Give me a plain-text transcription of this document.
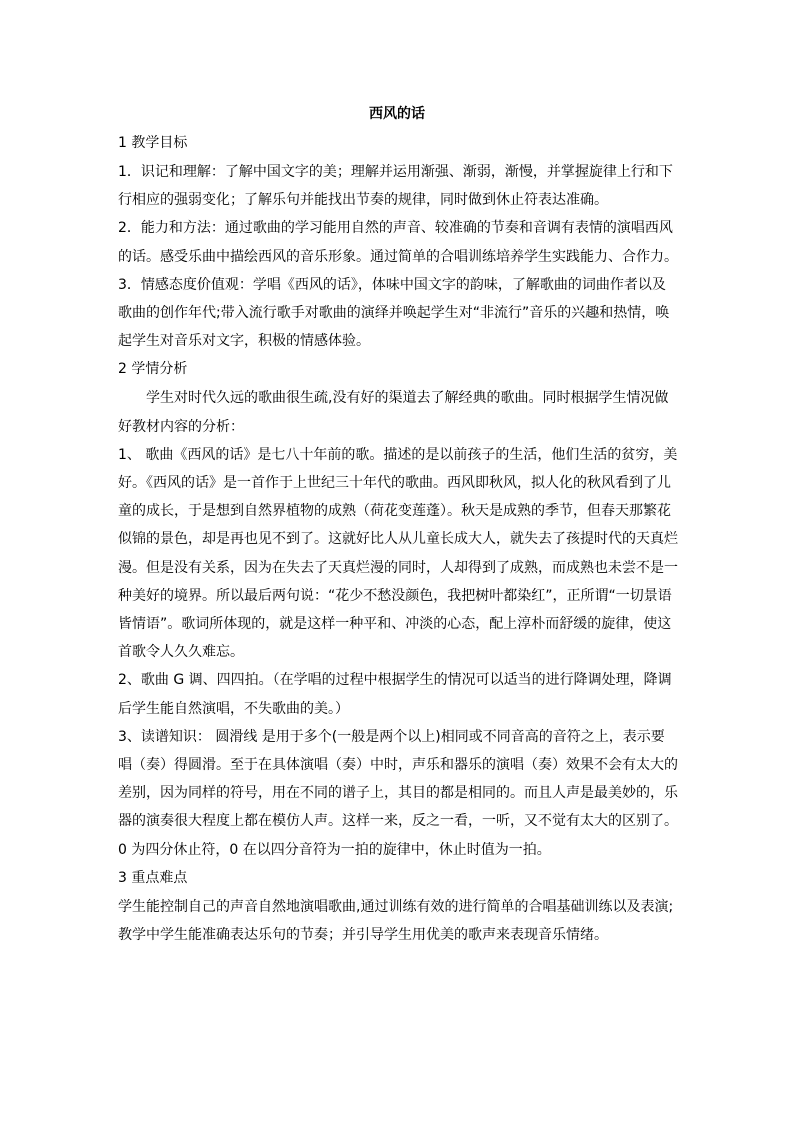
西风的话
1 教学目标
1．识记和理解：了解中国文字的美；理解并运用渐强、渐弱，渐慢，并掌握旋律上行和下
行相应的强弱变化；了解乐句并能找出节奏的规律，同时做到休止符表达准确。
2．能力和方法：通过歌曲的学习能用自然的声音、较准确的节奏和音调有表情的演唱西风
的话。感受乐曲中描绘西风的音乐形象。通过简单的合唱训练培养学生实践能力、合作力。
3．情感态度价值观：学唱《西风的话》，体味中国文字的韵味，了解歌曲的词曲作者以及
歌曲的创作年代;带入流行歌手对歌曲的演绎并唤起学生对“非流行”音乐的兴趣和热情，唤
起学生对音乐对文字，积极的情感体验。
2 学情分析
学生对时代久远的歌曲很生疏,没有好的渠道去了解经典的歌曲。同时根据学生情况做
好教材内容的分析：
1、 歌曲《西风的话》是七八十年前的歌。描述的是以前孩子的生活，他们生活的贫穷，美
好。《西风的话》是一首作于上世纪三十年代的歌曲。西风即秋风，拟人化的秋风看到了儿
童的成长，于是想到自然界植物的成熟（荷花变莲蓬）。秋天是成熟的季节，但春天那繁花
似锦的景色，却是再也见不到了。这就好比人从儿童长成大人，就失去了孩提时代的天真烂
漫。但是没有关系，因为在失去了天真烂漫的同时，人却得到了成熟，而成熟也未尝不是一
种美好的境界。所以最后两句说：“花少不愁没颜色，我把树叶都染红”，正所谓“一切景语
皆情语”。歌词所体现的，就是这样一种平和、冲淡的心态，配上淳朴而舒缓的旋律，使这
首歌令人久久难忘。
2、歌曲 G 调、四四拍。（在学唱的过程中根据学生的情况可以适当的进行降调处理，降调
后学生能自然演唱，不失歌曲的美。）
3、读谱知识： 圆滑线 是用于多个(一般是两个以上)相同或不同音高的音符之上，表示要
唱（奏）得圆滑。至于在具体演唱（奏）中时，声乐和器乐的演唱（奏）效果不会有太大的
差别，因为同样的符号，用在不同的谱子上，其目的都是相同的。而且人声是最美妙的，乐
器的演奏很大程度上都在模仿人声。这样一来，反之一看，一听，又不觉有太大的区别了。
0 为四分休止符，0 在以四分音符为一拍的旋律中，休止时值为一拍。
3 重点难点
学生能控制自己的声音自然地演唱歌曲,通过训练有效的进行简单的合唱基础训练以及表演;
教学中学生能准确表达乐句的节奏；并引导学生用优美的歌声来表现音乐情绪。
